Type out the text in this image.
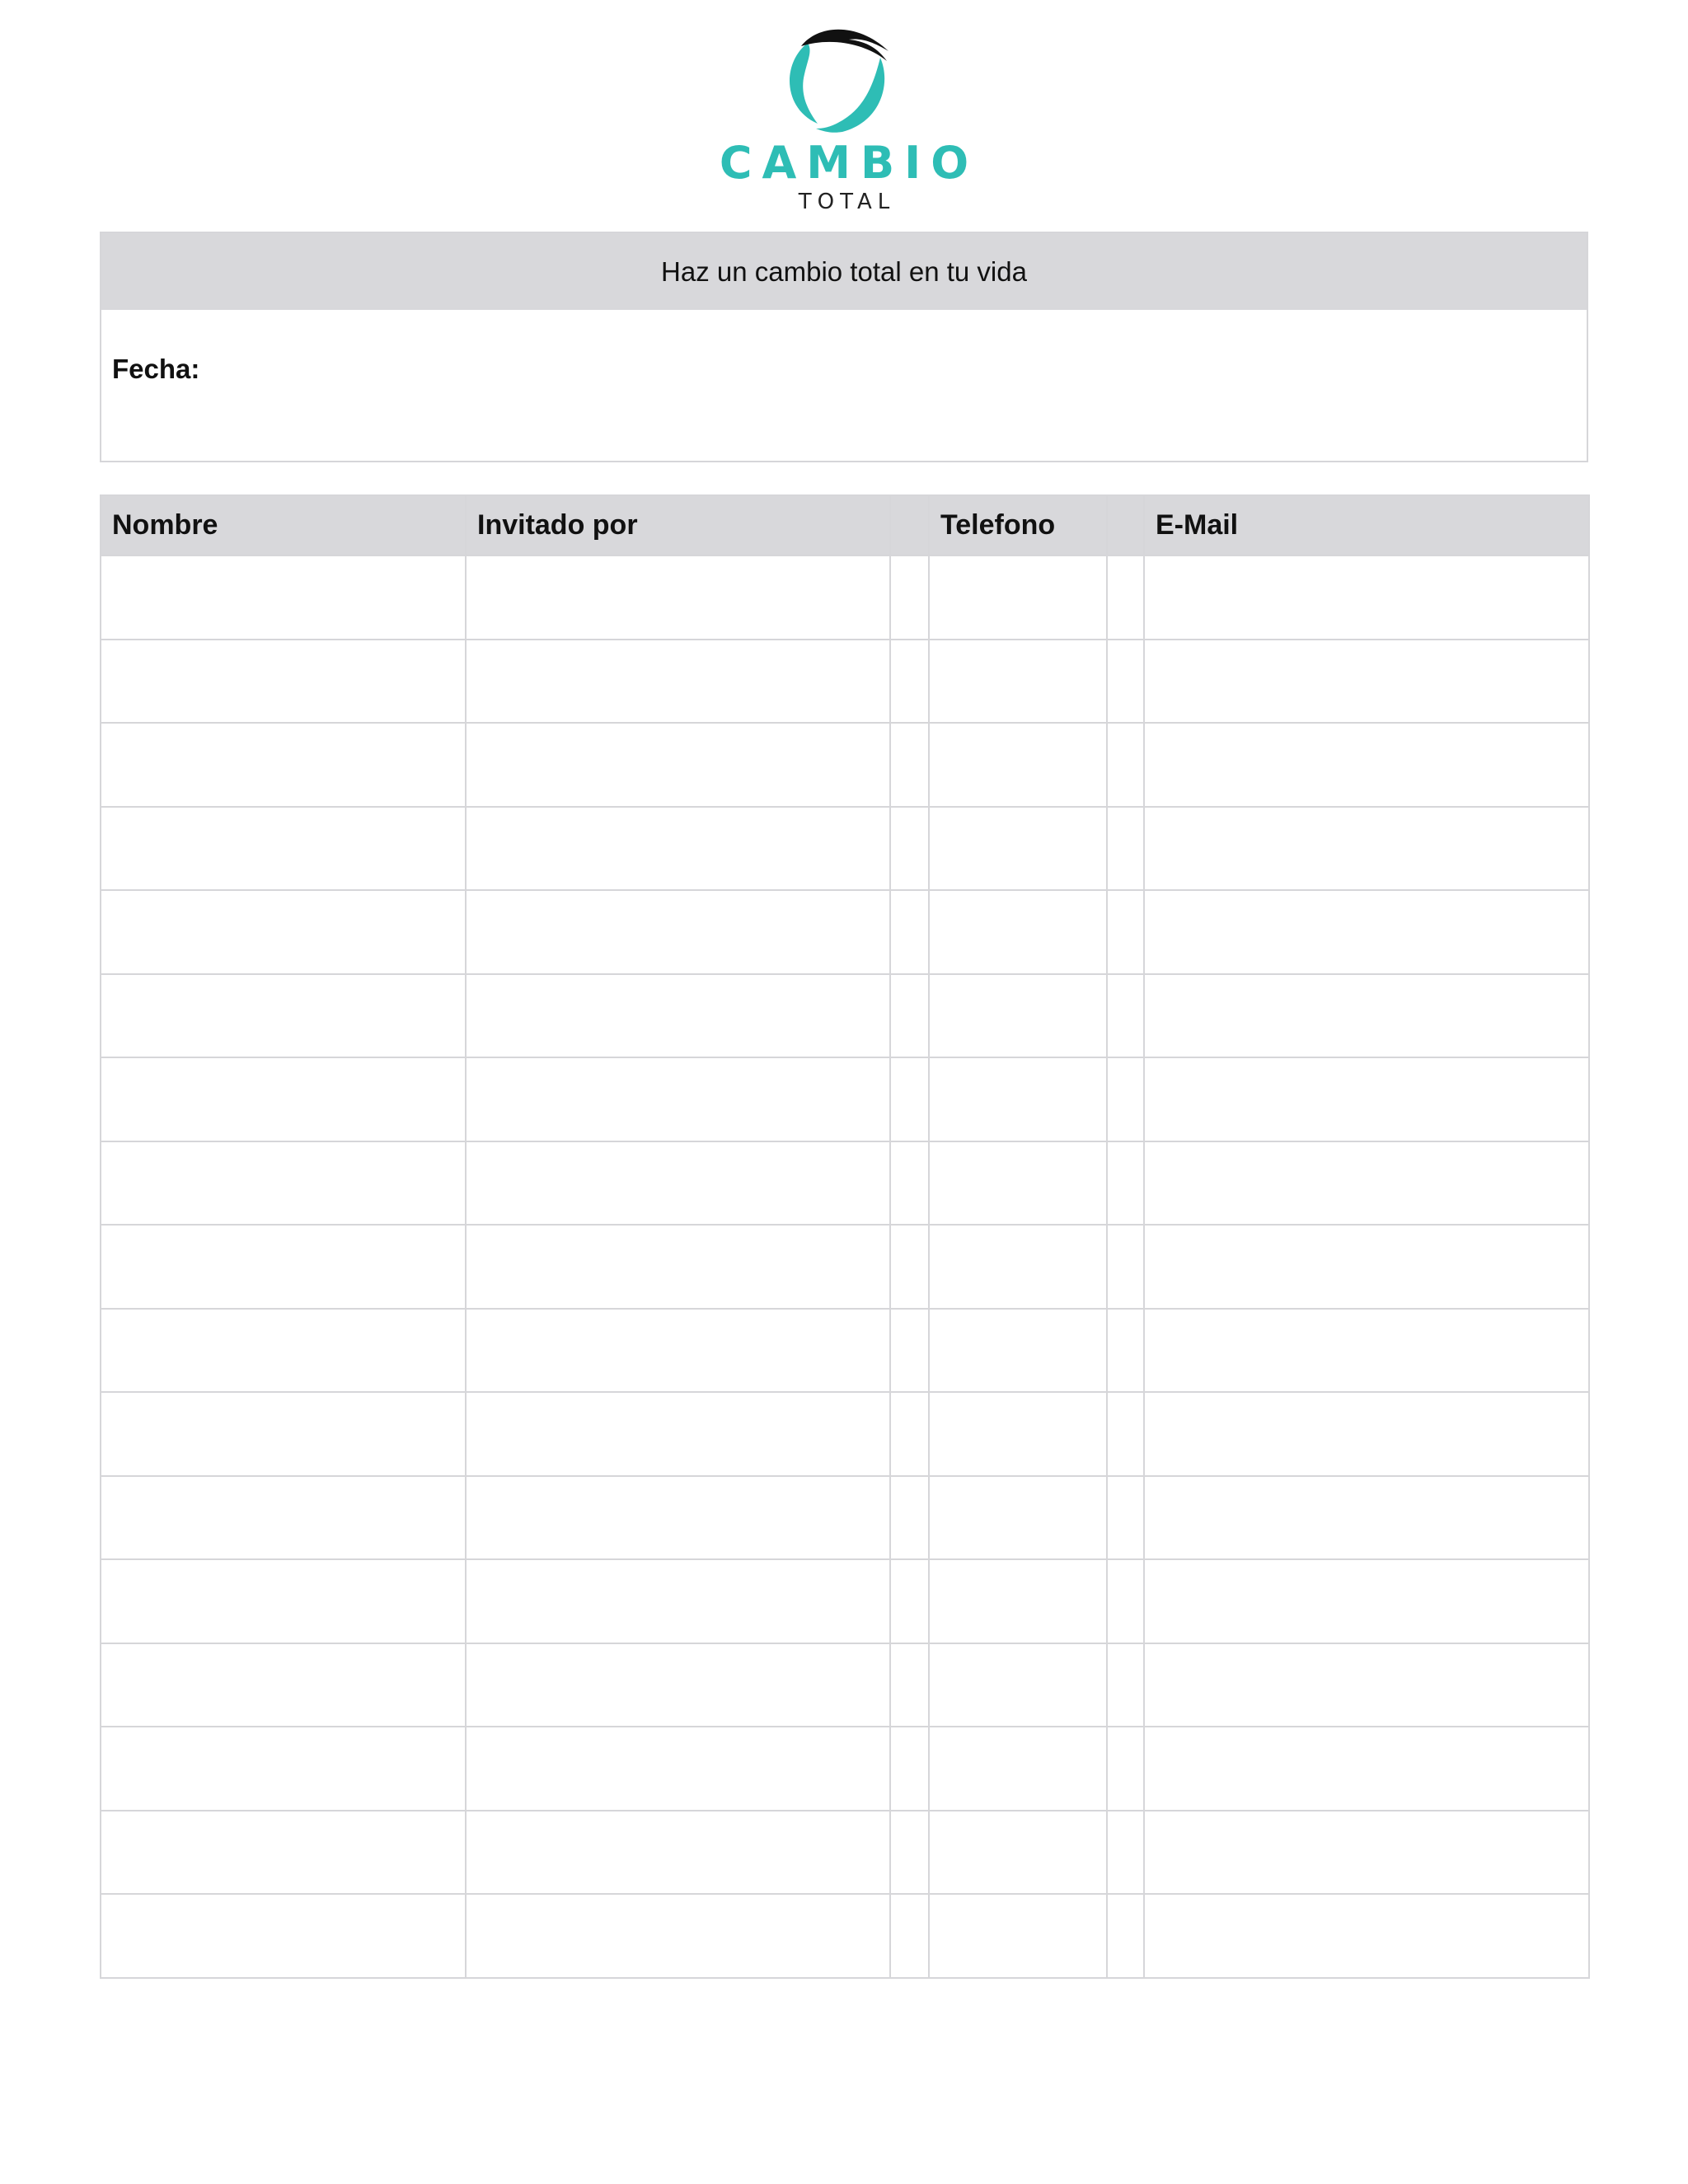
CAMBIO
TOTAL
Haz un cambio total en tu vida
Fecha:
Nombre	Invitado por		Telefono		E-Mail
